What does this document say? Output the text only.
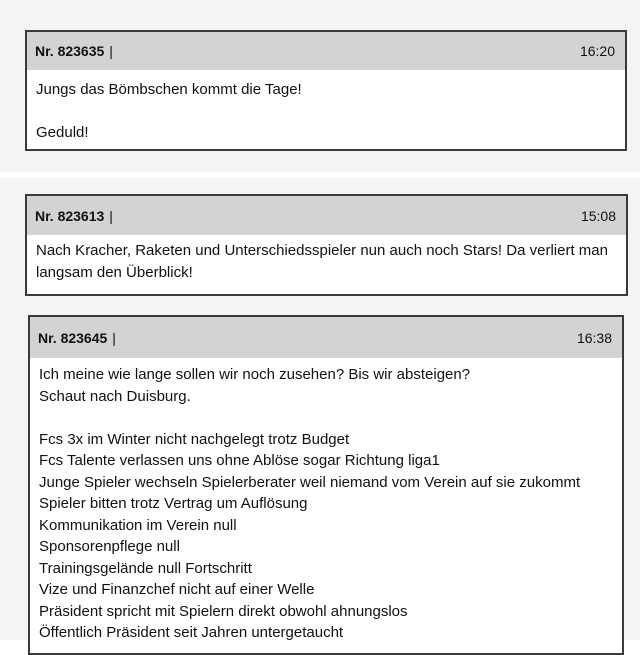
Nr. 823635 |	16:20

Jungs das Bömbschen kommt die Tage!

Geduld!

Nr. 823613 |	15:08

Nach Kracher, Raketen und Unterschiedsspieler nun auch noch Stars! Da verliert man langsam den Überblick!

Nr. 823645 |	16:38

Ich meine wie lange sollen wir noch zusehen? Bis wir absteigen?

Schaut nach Duisburg.

Fcs 3x im Winter nicht nachgelegt trotz Budget

Fcs Talente verlassen uns ohne Ablöse sogar Richtung liga1

Junge Spieler wechseln Spielerberater weil niemand vom Verein auf sie zukommt

Spieler bitten trotz Vertrag um Auflösung

Kommunikation im Verein null

Sponsorenpflege null

Trainingsgelände null Fortschritt

Vize und Finanzchef nicht auf einer Welle

Präsident spricht mit Spielern direkt obwohl ahnungslos

Öffentlich Präsident seit Jahren untergetaucht
